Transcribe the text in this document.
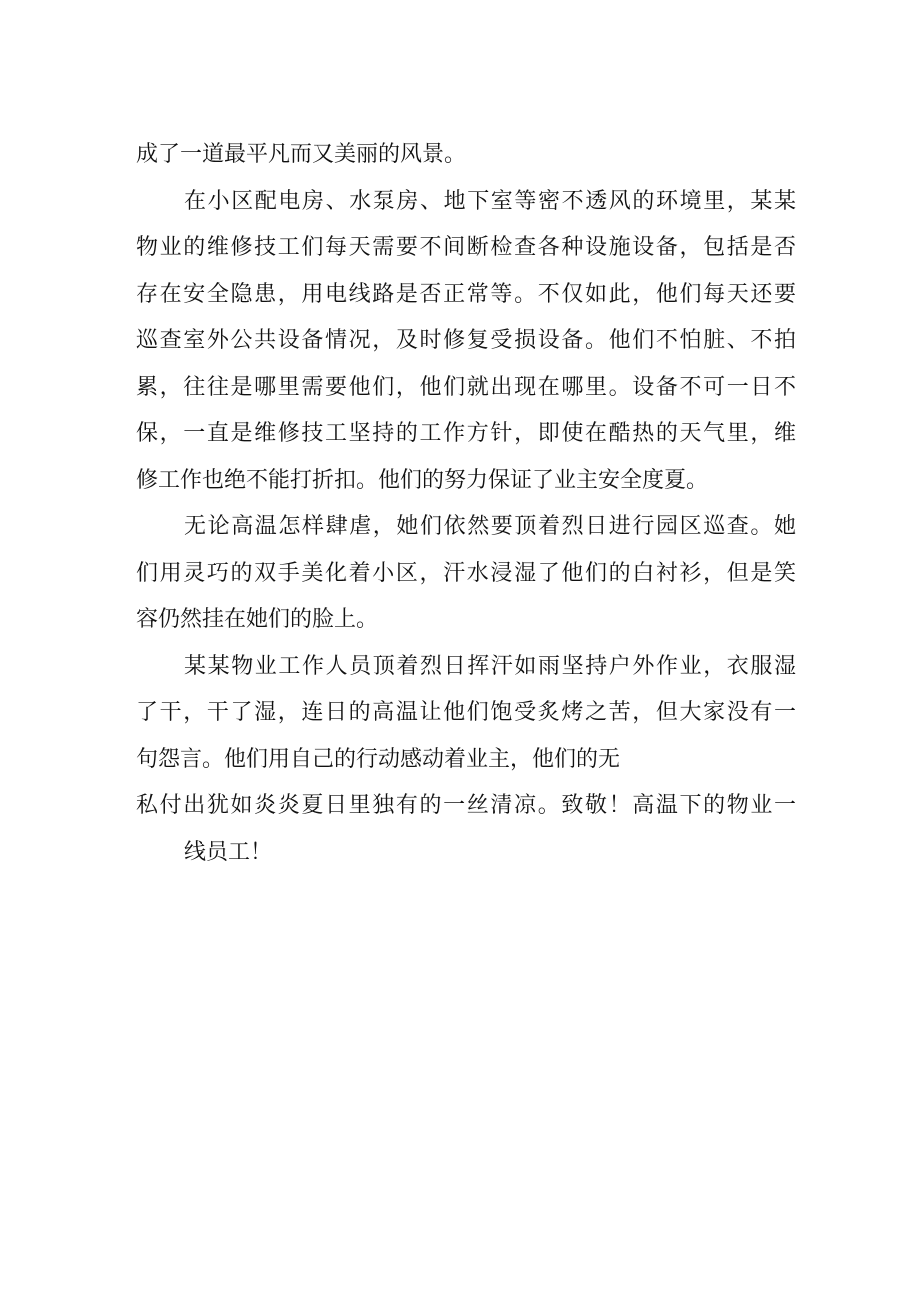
成了一道最平凡而又美丽的风景。
在小区配电房、水泵房、地下室等密不透风的环境里，某某
物业的维修技工们每天需要不间断检查各种设施设备，包括是否
存在安全隐患，用电线路是否正常等。不仅如此，他们每天还要
巡查室外公共设备情况，及时修复受损设备。他们不怕脏、不拍
累，往往是哪里需要他们，他们就出现在哪里。设备不可一日不
保，一直是维修技工坚持的工作方针，即使在酷热的天气里，维
修工作也绝不能打折扣。他们的努力保证了业主安全度夏。
无论高温怎样肆虐，她们依然要顶着烈日进行园区巡查。她
们用灵巧的双手美化着小区，汗水浸湿了他们的白衬衫，但是笑
容仍然挂在她们的脸上。
某某物业工作人员顶着烈日挥汗如雨坚持户外作业，衣服湿
了干，干了湿，连日的高温让他们饱受炙烤之苦，但大家没有一
句怨言。他们用自己的行动感动着业主，他们的无
私付出犹如炎炎夏日里独有的一丝清凉。致敬！高温下的物业一
线员工！
